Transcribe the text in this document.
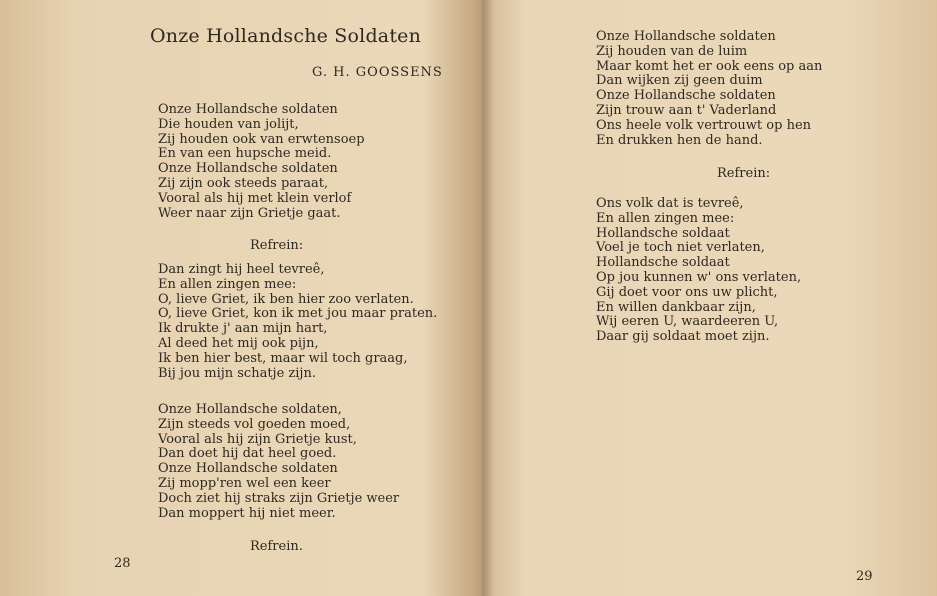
Onze Hollandsche Soldaten
G. H. GOOSSENS
Onze Hollandsche soldaten
Die houden van jolijt,
Zij houden ook van erwtensoep
En van een hupsche meid.
Onze Hollandsche soldaten
Zij zijn ook steeds paraat,
Vooral als hij met klein verlof
Weer naar zijn Grietje gaat.
Refrein:
Dan zingt hij heel tevreê,
En allen zingen mee:
O, lieve Griet, ik ben hier zoo verlaten.
O, lieve Griet, kon ik met jou maar praten.
Ik drukte j' aan mijn hart,
Al deed het mij ook pijn,
Ik ben hier best, maar wil toch graag,
Bij jou mijn schatje zijn.
Onze Hollandsche soldaten,
Zijn steeds vol goeden moed,
Vooral als hij zijn Grietje kust,
Dan doet hij dat heel goed.
Onze Hollandsche soldaten
Zij mopp'ren wel een keer
Doch ziet hij straks zijn Grietje weer
Dan moppert hij niet meer.
Refrein.
28
Onze Hollandsche soldaten
Zij houden van de luim
Maar komt het er ook eens op aan
Dan wijken zij geen duim
Onze Hollandsche soldaten
Zijn trouw aan t' Vaderland
Ons heele volk vertrouwt op hen
En drukken hen de hand.
Refrein:
Ons volk dat is tevreê,
En allen zingen mee:
Hollandsche soldaat
Voel je toch niet verlaten,
Hollandsche soldaat
Op jou kunnen w' ons verlaten,
Gij doet voor ons uw plicht,
En willen dankbaar zijn,
Wij eeren U, waardeeren U,
Daar gij soldaat moet zijn.
29
